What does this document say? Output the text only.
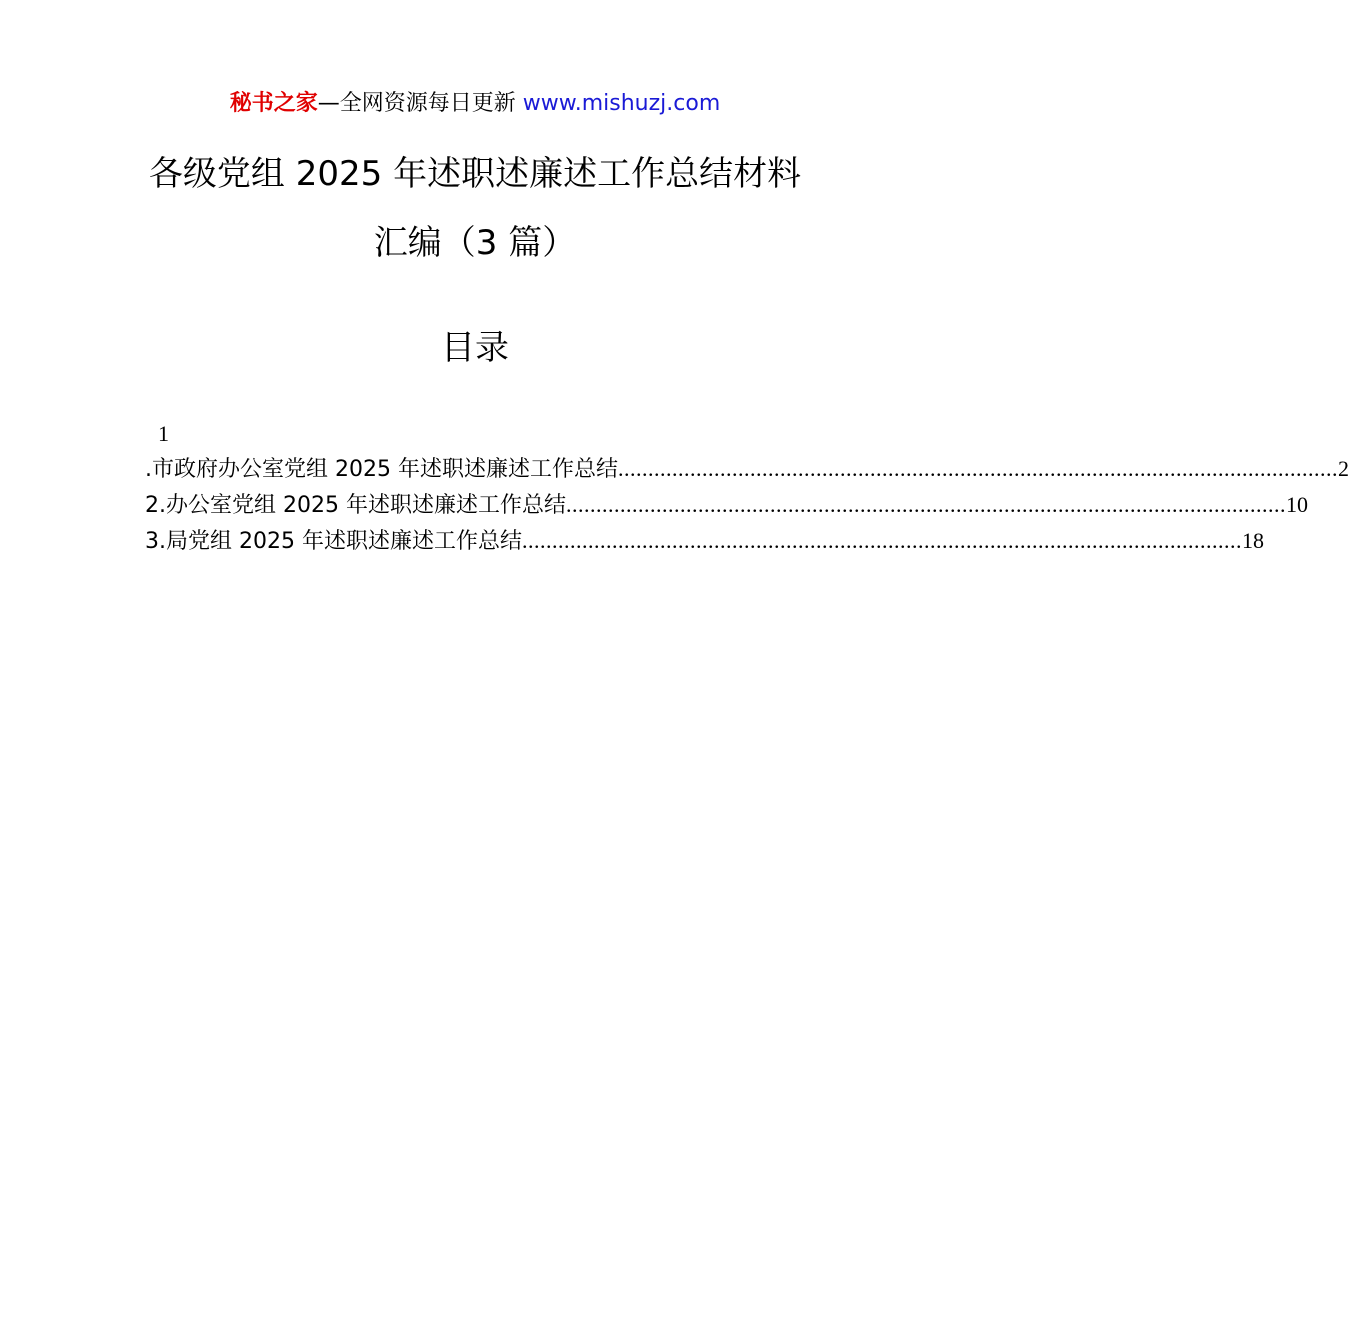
秘书之家—全网资源每日更新 www.mishuzj.com
各级党组 2025 年述职述廉述工作总结材料
汇编（3 篇）
目录
1
.市政府办公室党组 2025 年述职述廉述工作总结 ........................................................................................................................ 2
2.办公室党组 2025 年述职述廉述工作总结 ........................................................................................................................ 10
3.局党组 2025 年述职述廉述工作总结 ........................................................................................................................ 18
